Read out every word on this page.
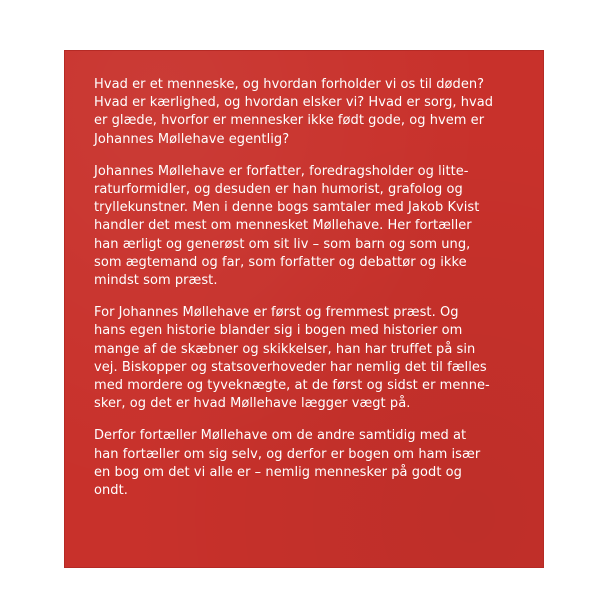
Hvad er et menneske, og hvordan forholder vi os til døden?
Hvad er kærlighed, og hvordan elsker vi? Hvad er sorg, hvad
er glæde, hvorfor er mennesker ikke født gode, og hvem er
Johannes Møllehave egentlig?

Johannes Møllehave er forfatter, foredragsholder og litte-
raturformidler, og desuden er han humorist, grafolog og
tryllekunstner. Men i denne bogs samtaler med Jakob Kvist
handler det mest om mennesket Møllehave. Her fortæller
han ærligt og generøst om sit liv – som barn og som ung,
som ægtemand og far, som forfatter og debattør og ikke
mindst som præst.

For Johannes Møllehave er først og fremmest præst. Og
hans egen historie blander sig i bogen med historier om
mange af de skæbner og skikkelser, han har truffet på sin
vej. Biskopper og statsoverhoveder har nemlig det til fælles
med mordere og tyveknægte, at de først og sidst er menne-
sker, og det er hvad Møllehave lægger vægt på.

Derfor fortæller Møllehave om de andre samtidig med at
han fortæller om sig selv, og derfor er bogen om ham især
en bog om det vi alle er – nemlig mennesker på godt og
ondt.
